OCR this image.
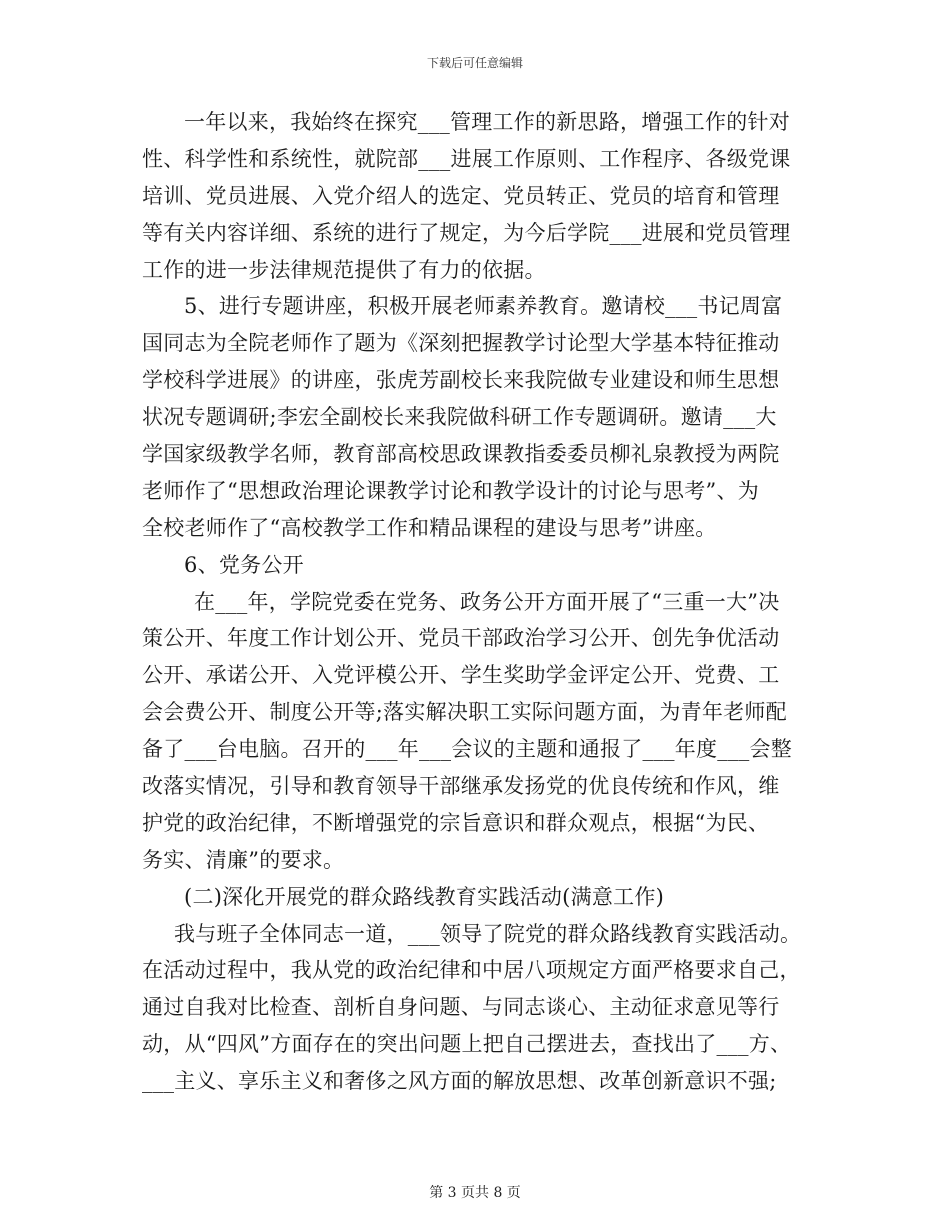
下载后可任意编辑
一年以来，我始终在探究___管理工作的新思路，增强工作的针对
性、科学性和系统性，就院部___进展工作原则、工作程序、各级党课
培训、党员进展、入党介绍人的选定、党员转正、党员的培育和管理
等有关内容详细、系统的进行了规定，为今后学院___进展和党员管理
工作的进一步法律规范提供了有力的依据。
5、进行专题讲座，积极开展老师素养教育。邀请校___书记周富
国同志为全院老师作了题为《深刻把握教学讨论型大学基本特征推动
学校科学进展》的讲座，张虎芳副校长来我院做专业建设和师生思想
状况专题调研;李宏全副校长来我院做科研工作专题调研。邀请___大
学国家级教学名师，教育部高校思政课教指委委员柳礼泉教授为两院
老师作了“思想政治理论课教学讨论和教学设计的讨论与思考”、为
全校老师作了“高校教学工作和精品课程的建设与思考”讲座。
6、党务公开
在___年，学院党委在党务、政务公开方面开展了“三重一大”决
策公开、年度工作计划公开、党员干部政治学习公开、创先争优活动
公开、承诺公开、入党评模公开、学生奖助学金评定公开、党费、工
会会费公开、制度公开等;落实解决职工实际问题方面，为青年老师配
备了___台电脑。召开的___年___会议的主题和通报了___年度___会整
改落实情况，引导和教育领导干部继承发扬党的优良传统和作风，维
护党的政治纪律，不断增强党的宗旨意识和群众观点，根据“为民、
务实、清廉”的要求。
(二)深化开展党的群众路线教育实践活动(满意工作)
我与班子全体同志一道，___领导了院党的群众路线教育实践活动。
在活动过程中，我从党的政治纪律和中居八项规定方面严格要求自己，
通过自我对比检查、剖析自身问题、与同志谈心、主动征求意见等行
动，从“四风”方面存在的突出问题上把自己摆进去，查找出了___方、
___主义、享乐主义和奢侈之风方面的解放思想、改革创新意识不强;
第 3 页共 8 页
